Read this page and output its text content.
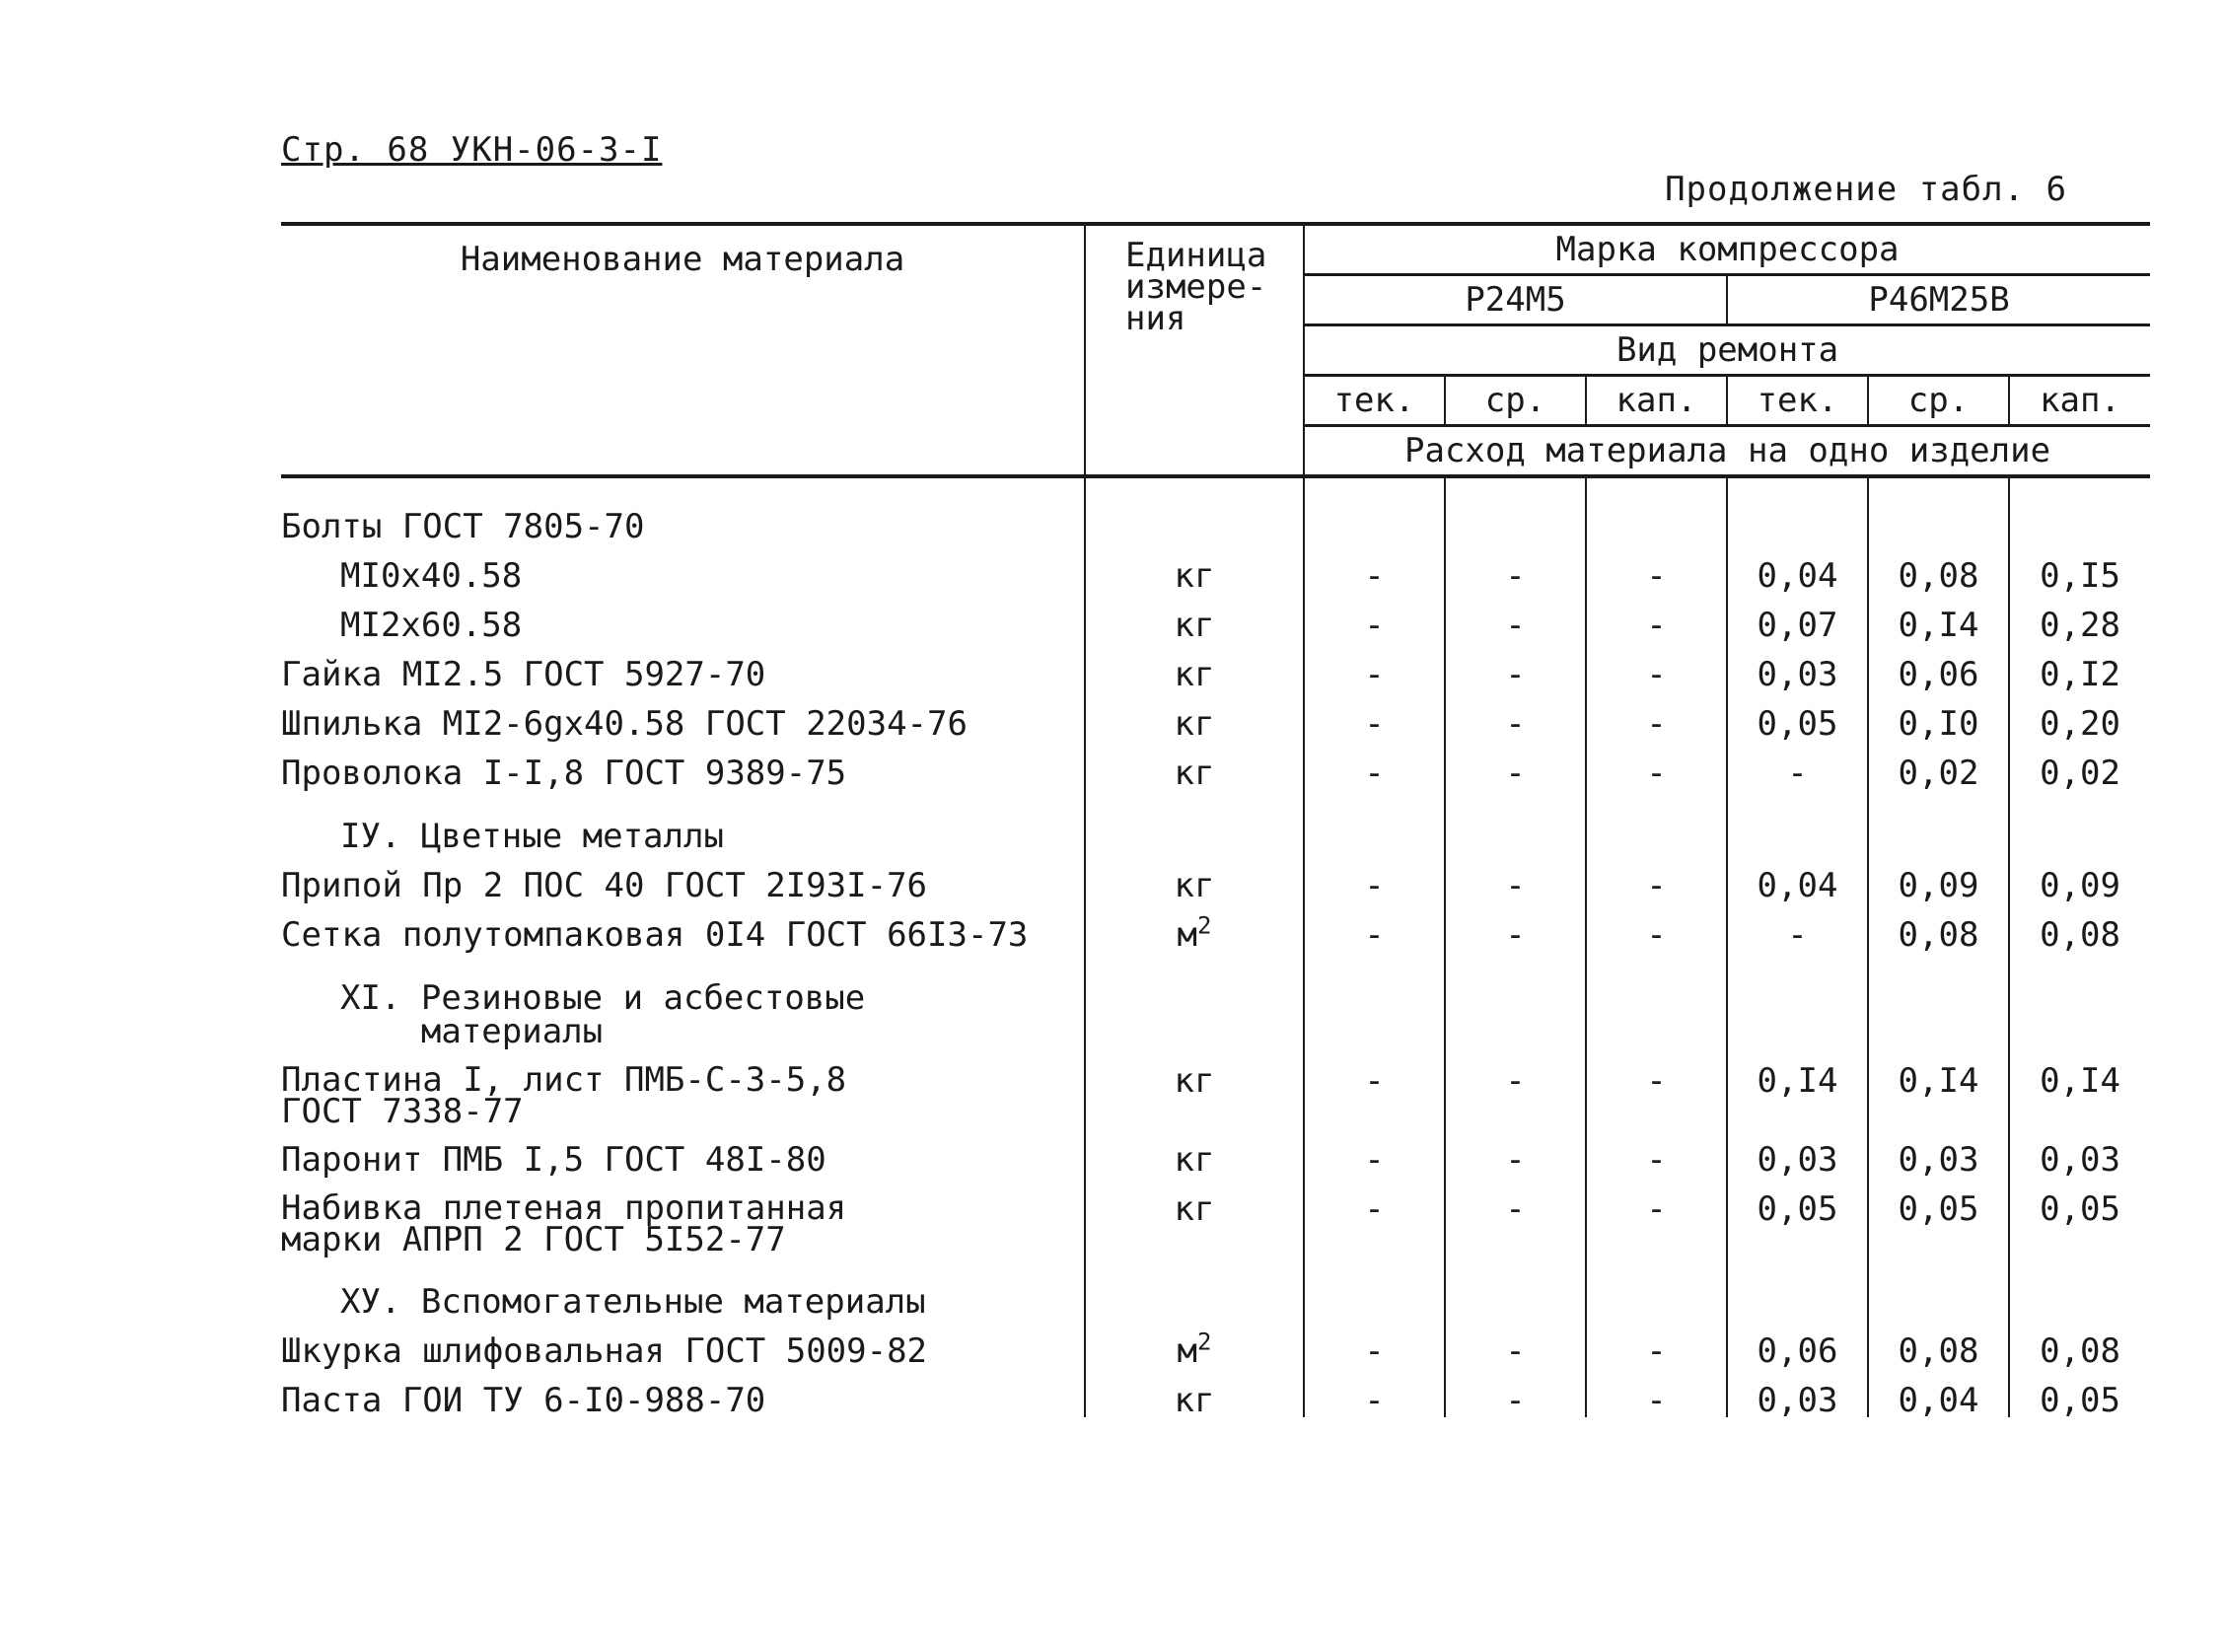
Стр. 68 УКН-06-3-I
Продолжение табл. 6
Наименование материала	Единица
измере-
ния	Марка компрессора					
		Р24М5			Р46М25В		
		Вид ремонта					
		тек.	ср.	кап.	тек.	ср.	кап.
		Расход материала на одно изделие					
Болты ГОСТ 7805-70							
МI0х40.58	кг	-	-	-	0,04	0,08	0,I5
МI2х60.58	кг	-	-	-	0,07	0,I4	0,28
Гайка МI2.5 ГОСТ 5927-70	кг	-	-	-	0,03	0,06	0,I2
Шпилька МI2-6gх40.58 ГОСТ 22034-76	кг	-	-	-	0,05	0,I0	0,20
Проволока I-I,8 ГОСТ 9389-75	кг	-	-	-	-	0,02	0,02
IУ. Цветные металлы							
Припой Пр 2 ПОС 40 ГОСТ 2I93I-76	кг	-	-	-	0,04	0,09	0,09
Сетка полутомпаковая 0I4 ГОСТ 66I3-73	$м^2$	-	-	-	-	0,08	0,08

XI. Резиновые и асбестовые
материалы							

Пластина I, лист ПМБ-С-3-5,8
ГОСТ 7338-77	кг	-	-	-	0,I4	0,I4	0,I4
Паронит ПМБ I,5 ГОСТ 48I-80	кг	-	-	-	0,03	0,03	0,03

Набивка плетеная пропитанная
марки АПРП 2 ГОСТ 5I52-77	кг	-	-	-	0,05	0,05	0,05
ХУ. Вспомогательные материалы							
Шкурка шлифовальная ГОСТ 5009-82	$м^2$	-	-	-	0,06	0,08	0,08
Паста ГОИ ТУ 6-I0-988-70	кг	-	-	-	0,03	0,04	0,05
